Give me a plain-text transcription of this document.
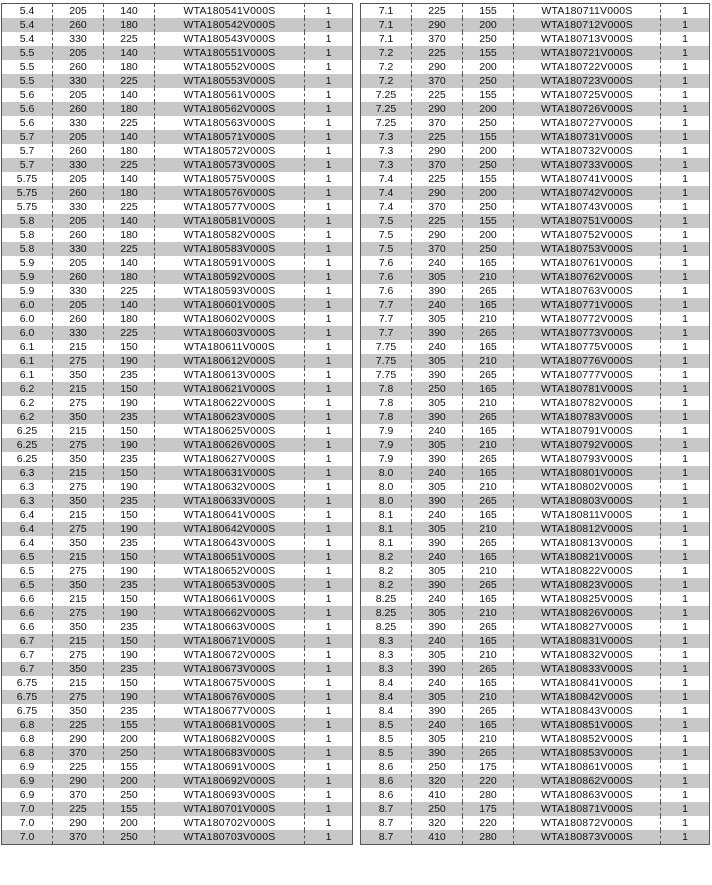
5.4	205	140	WTA180541V000S	1
5.4	260	180	WTA180542V000S	1
5.4	330	225	WTA180543V000S	1
5.5	205	140	WTA180551V000S	1
5.5	260	180	WTA180552V000S	1
5.5	330	225	WTA180553V000S	1
5.6	205	140	WTA180561V000S	1
5.6	260	180	WTA180562V000S	1
5.6	330	225	WTA180563V000S	1
5.7	205	140	WTA180571V000S	1
5.7	260	180	WTA180572V000S	1
5.7	330	225	WTA180573V000S	1
5.75	205	140	WTA180575V000S	1
5.75	260	180	WTA180576V000S	1
5.75	330	225	WTA180577V000S	1
5.8	205	140	WTA180581V000S	1
5.8	260	180	WTA180582V000S	1
5.8	330	225	WTA180583V000S	1
5.9	205	140	WTA180591V000S	1
5.9	260	180	WTA180592V000S	1
5.9	330	225	WTA180593V000S	1
6.0	205	140	WTA180601V000S	1
6.0	260	180	WTA180602V000S	1
6.0	330	225	WTA180603V000S	1
6.1	215	150	WTA180611V000S	1
6.1	275	190	WTA180612V000S	1
6.1	350	235	WTA180613V000S	1
6.2	215	150	WTA180621V000S	1
6.2	275	190	WTA180622V000S	1
6.2	350	235	WTA180623V000S	1
6.25	215	150	WTA180625V000S	1
6.25	275	190	WTA180626V000S	1
6.25	350	235	WTA180627V000S	1
6.3	215	150	WTA180631V000S	1
6.3	275	190	WTA180632V000S	1
6.3	350	235	WTA180633V000S	1
6.4	215	150	WTA180641V000S	1
6.4	275	190	WTA180642V000S	1
6.4	350	235	WTA180643V000S	1
6.5	215	150	WTA180651V000S	1
6.5	275	190	WTA180652V000S	1
6.5	350	235	WTA180653V000S	1
6.6	215	150	WTA180661V000S	1
6.6	275	190	WTA180662V000S	1
6.6	350	235	WTA180663V000S	1
6.7	215	150	WTA180671V000S	1
6.7	275	190	WTA180672V000S	1
6.7	350	235	WTA180673V000S	1
6.75	215	150	WTA180675V000S	1
6.75	275	190	WTA180676V000S	1
6.75	350	235	WTA180677V000S	1
6.8	225	155	WTA180681V000S	1
6.8	290	200	WTA180682V000S	1
6.8	370	250	WTA180683V000S	1
6.9	225	155	WTA180691V000S	1
6.9	290	200	WTA180692V000S	1
6.9	370	250	WTA180693V000S	1
7.0	225	155	WTA180701V000S	1
7.0	290	200	WTA180702V000S	1
7.0	370	250	WTA180703V000S	1
7.1	225	155	WTA180711V000S	1
7.1	290	200	WTA180712V000S	1
7.1	370	250	WTA180713V000S	1
7.2	225	155	WTA180721V000S	1
7.2	290	200	WTA180722V000S	1
7.2	370	250	WTA180723V000S	1
7.25	225	155	WTA180725V000S	1
7.25	290	200	WTA180726V000S	1
7.25	370	250	WTA180727V000S	1
7.3	225	155	WTA180731V000S	1
7.3	290	200	WTA180732V000S	1
7.3	370	250	WTA180733V000S	1
7.4	225	155	WTA180741V000S	1
7.4	290	200	WTA180742V000S	1
7.4	370	250	WTA180743V000S	1
7.5	225	155	WTA180751V000S	1
7.5	290	200	WTA180752V000S	1
7.5	370	250	WTA180753V000S	1
7.6	240	165	WTA180761V000S	1
7.6	305	210	WTA180762V000S	1
7.6	390	265	WTA180763V000S	1
7.7	240	165	WTA180771V000S	1
7.7	305	210	WTA180772V000S	1
7.7	390	265	WTA180773V000S	1
7.75	240	165	WTA180775V000S	1
7.75	305	210	WTA180776V000S	1
7.75	390	265	WTA180777V000S	1
7.8	250	165	WTA180781V000S	1
7.8	305	210	WTA180782V000S	1
7.8	390	265	WTA180783V000S	1
7.9	240	165	WTA180791V000S	1
7.9	305	210	WTA180792V000S	1
7.9	390	265	WTA180793V000S	1
8.0	240	165	WTA180801V000S	1
8.0	305	210	WTA180802V000S	1
8.0	390	265	WTA180803V000S	1
8.1	240	165	WTA180811V000S	1
8.1	305	210	WTA180812V000S	1
8.1	390	265	WTA180813V000S	1
8.2	240	165	WTA180821V000S	1
8.2	305	210	WTA180822V000S	1
8.2	390	265	WTA180823V000S	1
8.25	240	165	WTA180825V000S	1
8.25	305	210	WTA180826V000S	1
8.25	390	265	WTA180827V000S	1
8.3	240	165	WTA180831V000S	1
8.3	305	210	WTA180832V000S	1
8.3	390	265	WTA180833V000S	1
8.4	240	165	WTA180841V000S	1
8.4	305	210	WTA180842V000S	1
8.4	390	265	WTA180843V000S	1
8.5	240	165	WTA180851V000S	1
8.5	305	210	WTA180852V000S	1
8.5	390	265	WTA180853V000S	1
8.6	250	175	WTA180861V000S	1
8.6	320	220	WTA180862V000S	1
8.6	410	280	WTA180863V000S	1
8.7	250	175	WTA180871V000S	1
8.7	320	220	WTA180872V000S	1
8.7	410	280	WTA180873V000S	1
